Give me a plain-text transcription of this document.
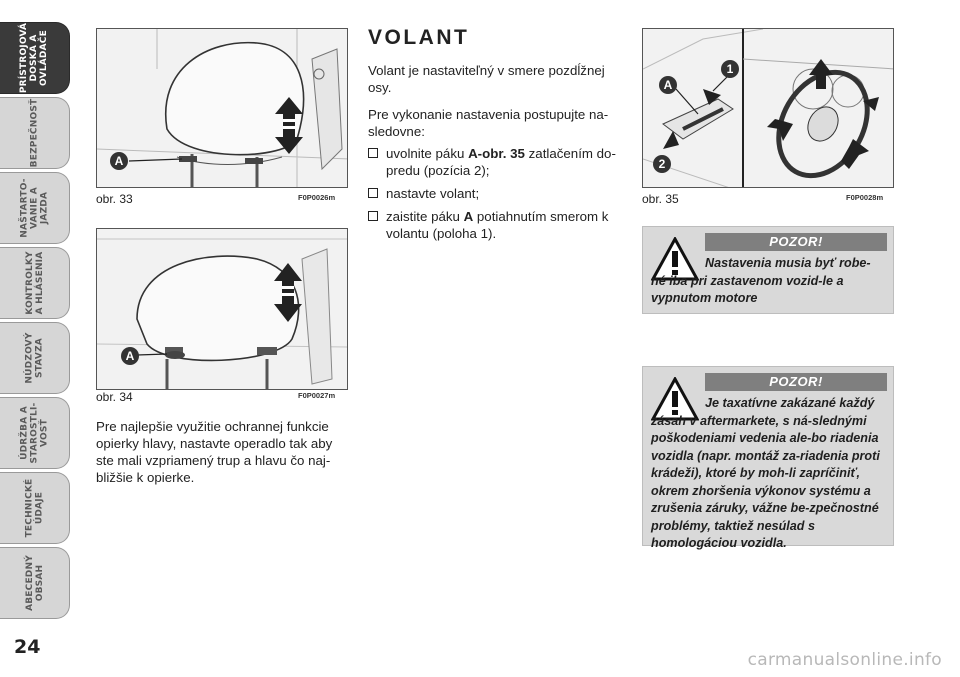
PRÍSTROJOVÁ
DOSKA A
OVLÁDAČE
BEZPEČNOSŤ
NAŠTARTO-
VANIE A
JAZDA
KONTROLKY
A HLÁSENIA
NÚDZOVÝ
STAVZA
ÚDRŽBA A
STAROSTLI-
VOSŤ
TECHNICKÉ
ÚDAJE
ABECEDNÝ
OBSAH
24
A
obr. 33	F0P0026m
A
obr. 34	F0P0027m
Pre najlepšie využitie ochrannej funkcie opierky hlavy, nastavte operadlo tak aby ste mali vzpriamený trup a hlavu čo naj-bližšie k opierke.
VOLANT
Volant je nastaviteľný v smere pozdĺžnej osy.
Pre vykonanie nastavenia postupujte na-sledovne:
uvolnite páku A-obr. 35 zatlačením do-predu (pozícia 2);
nastavte volant;
zaistite páku A potiahnutím smerom k volantu (poloha 1).
A
1
2
obr. 35	F0P0028m
POZOR!
Nastavenia musia byť robe-né iba pri zastavenom vozid-le a vypnutom motore
POZOR!
Je taxatívne zakázané každý zásah v aftermarkete, s ná-slednými poškodeniami vedenia ale-bo riadenia vozidla (napr. montáž za-riadenia proti krádeži), ktoré by moh-li zapríčiniť, okrem zhoršenia výkonov systému a zrušenia záruky, vážne be-zpečnostné problémy, taktiež nesúlad s homologáciou vozidla.
carmanualsonline.info
